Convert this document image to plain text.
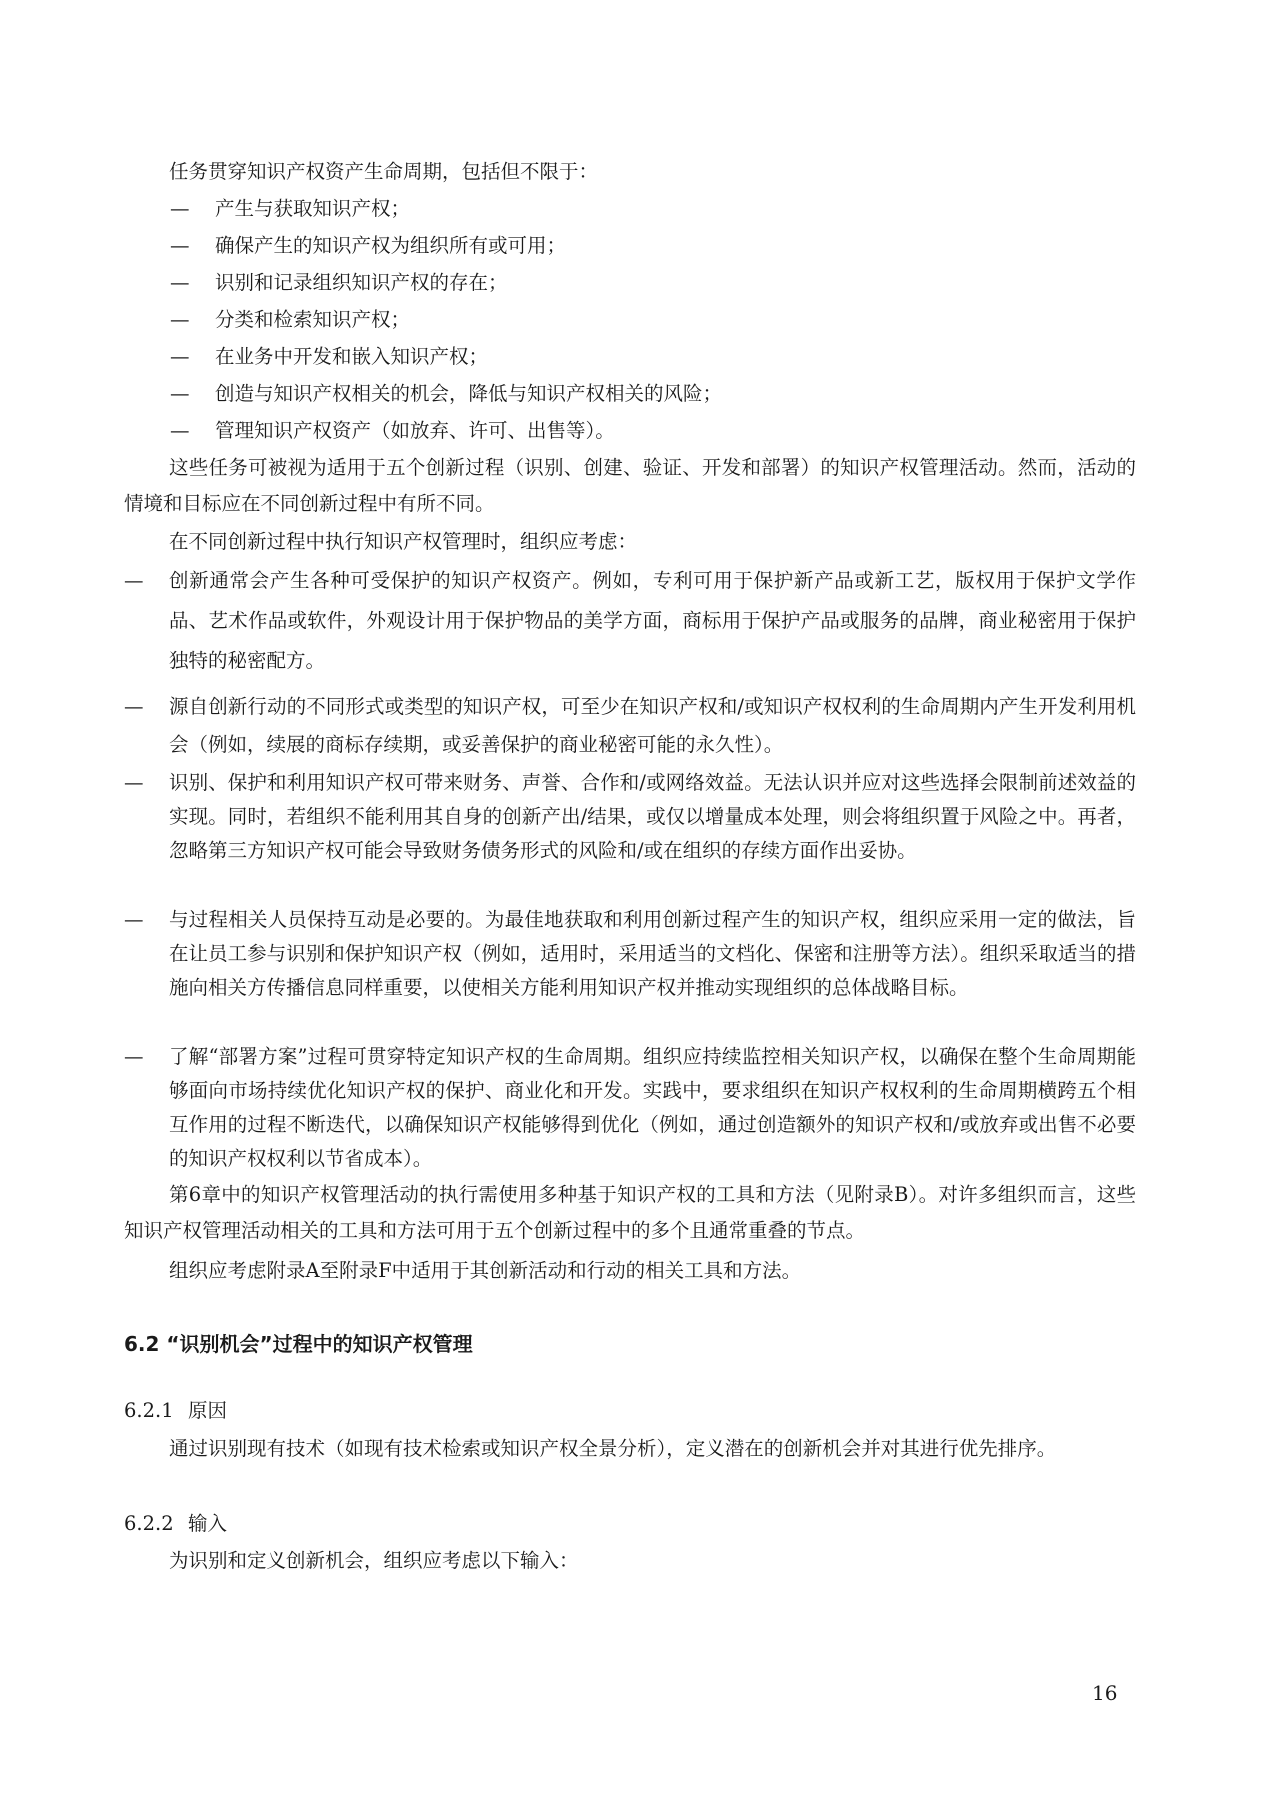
任务贯穿知识产权资产生命周期，包括但不限于：

— 产生与获取知识产权；

— 确保产生的知识产权为组织所有或可用；

— 识别和记录组织知识产权的存在；

— 分类和检索知识产权；

— 在业务中开发和嵌入知识产权；

— 创造与知识产权相关的机会，降低与知识产权相关的风险；

— 管理知识产权资产（如放弃、许可、出售等）。

这些任务可被视为适用于五个创新过程（识别、创建、验证、开发和部署）的知识产权管理活动。然而，活动的情境和目标应在不同创新过程中有所不同。

在不同创新过程中执行知识产权管理时，组织应考虑：

— 创新通常会产生各种可受保护的知识产权资产。例如，专利可用于保护新产品或新工艺，版权用于保护文学作品、艺术作品或软件，外观设计用于保护物品的美学方面，商标用于保护产品或服务的品牌，商业秘密用于保护独特的秘密配方。
— 源自创新行动的不同形式或类型的知识产权，可至少在知识产权和/或知识产权权利的生命周期内产生开发利用机会（例如，续展的商标存续期，或妥善保护的商业秘密可能的永久性）。
— 识别、保护和利用知识产权可带来财务、声誉、合作和/或网络效益。无法认识并应对这些选择会限制前述效益的实现。同时，若组织不能利用其自身的创新产出/结果，或仅以增量成本处理，则会将组织置于风险之中。再者，忽略第三方知识产权可能会导致财务债务形式的风险和/或在组织的存续方面作出妥协。
— 与过程相关人员保持互动是必要的。为最佳地获取和利用创新过程产生的知识产权，组织应采用一定的做法，旨在让员工参与识别和保护知识产权（例如，适用时，采用适当的文档化、保密和注册等方法）。组织采取适当的措施向相关方传播信息同样重要，以使相关方能利用知识产权并推动实现组织的总体战略目标。
— 了解“部署方案”过程可贯穿特定知识产权的生命周期。组织应持续监控相关知识产权，以确保在整个生命周期能够面向市场持续优化知识产权的保护、商业化和开发。实践中，要求组织在知识产权权利的生命周期横跨五个相互作用的过程不断迭代，以确保知识产权能够得到优化（例如，通过创造额外的知识产权和/或放弃或出售不必要的知识产权权利以节省成本）。

第6章中的知识产权管理活动的执行需使用多种基于知识产权的工具和方法（见附录B）。对许多组织而言，这些知识产权管理活动相关的工具和方法可用于五个创新过程中的多个且通常重叠的节点。

组织应考虑附录A至附录F中适用于其创新活动和行动的相关工具和方法。

6.2 “识别机会”过程中的知识产权管理

6.2.1 原因

通过识别现有技术（如现有技术检索或知识产权全景分析），定义潜在的创新机会并对其进行优先排序。

6.2.2 输入

为识别和定义创新机会，组织应考虑以下输入：

16
